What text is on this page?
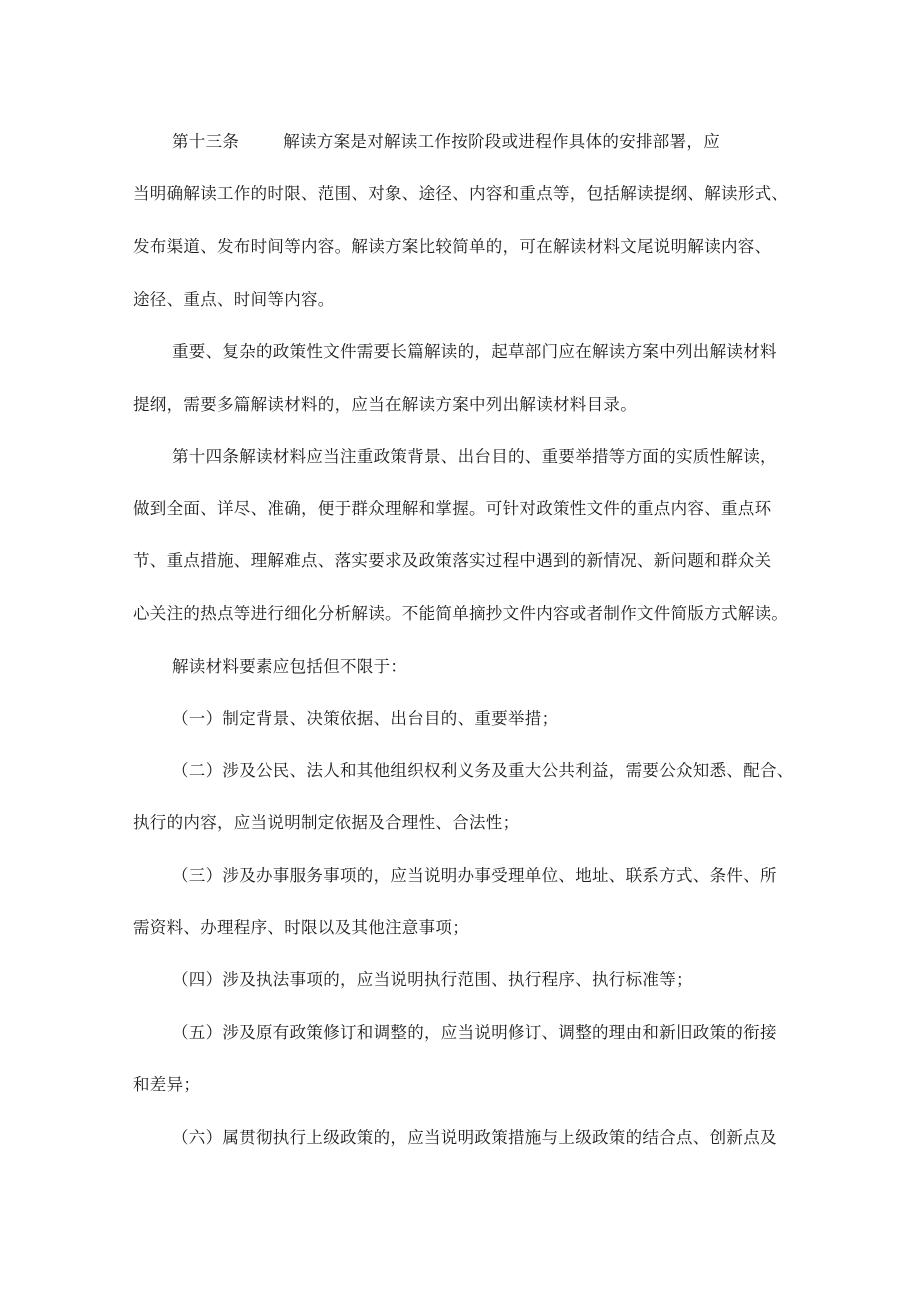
第十三条	解读方案是对解读工作按阶段或进程作具体的安排部署，应
当明确解读工作的时限、范围、对象、途径、内容和重点等，包括解读提纲、解读形式、
发布渠道、发布时间等内容。解读方案比较简单的，可在解读材料文尾说明解读内容、
途径、重点、时间等内容。
重要、复杂的政策性文件需要长篇解读的，起草部门应在解读方案中列出解读材料
提纲，需要多篇解读材料的，应当在解读方案中列出解读材料目录。
第十四条解读材料应当注重政策背景、出台目的、重要举措等方面的实质性解读，
做到全面、详尽、准确，便于群众理解和掌握。可针对政策性文件的重点内容、重点环
节、重点措施、理解难点、落实要求及政策落实过程中遇到的新情况、新问题和群众关
心关注的热点等进行细化分析解读。不能简单摘抄文件内容或者制作文件简版方式解读。
解读材料要素应包括但不限于：
（一）制定背景、决策依据、出台目的、重要举措；
（二）涉及公民、法人和其他组织权利义务及重大公共利益，需要公众知悉、配合、
执行的内容，应当说明制定依据及合理性、合法性；
（三）涉及办事服务事项的，应当说明办事受理单位、地址、联系方式、条件、所
需资料、办理程序、时限以及其他注意事项；
（四）涉及执法事项的，应当说明执行范围、执行程序、执行标准等；
（五）涉及原有政策修订和调整的，应当说明修订、调整的理由和新旧政策的衔接
和差异；
（六）属贯彻执行上级政策的，应当说明政策措施与上级政策的结合点、创新点及
